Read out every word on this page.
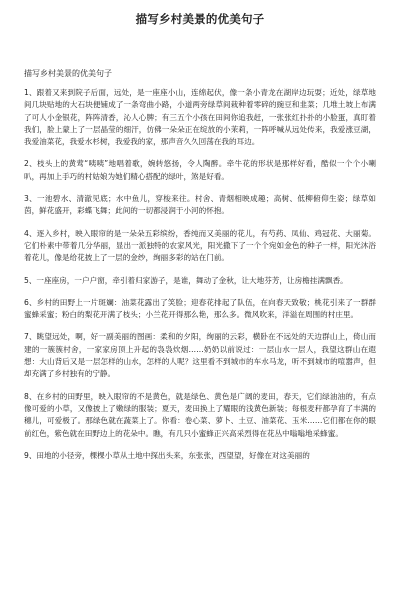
描写乡村美景的优美句子
描写乡村美景的优美句子

1、跟着又来到院子后面，远处，是一座座小山，连绵起伏，像一条小青龙在湖岸边玩耍；近处，绿草地间几块贴地的大石块便铺成了一条弯曲小路，小道两旁绿草间栽种着零碎的豌豆和韭菜；几堆土坡上布满了可人小金银花，阵阵清香，沁人心脾；有三五个小孩在田间你追我赶，一张张红扑扑的小脸蛋，真盯着我们，脸上蒙上了一层晶莹的细汗，仿佛一朵朵正在绽放的小茉莉，一阵呼喊从远处传来，我爱涨豆湖，我爱油菜花，我爱水杉树，我爱我的家，那声音久久回荡在我的耳边。

2、枝头上的黄莺“咦咦”地唱着歌，婉转悠扬，令人陶醉。牵牛花的形状是那样好看，酷似一个个小喇叭，再加上手巧的村姑娘为她们精心搭配的绿叶，煞是好看。

3、一池碧水、清澈见底；水中鱼儿，穿梭来往。村舍、青烟相映成趣；高树、低柳俯仰生姿；绿草如茵，鲜花盛开，彩蝶飞舞；此间的一切都浸润于小河的怀抱。

4、逐入乡村，映入眼帘的是一朵朵五彩缤纷，香纯而又美丽的花儿，有芍药、凤仙、鸡冠花、大丽菊。它们朴素中带着几分华丽，显出一派独特的农家风光，阳光撒下了一个个宛如金色的种子一样，阳光沐浴着花儿，像是给花披上了一层的金纱，绚丽多彩的站在门前。

5、一座座房，一户户窗，牵引着归家游子，是谁，舞动了金秋，让大地芬芳，让房檐挂满飘香。

6、乡村的田野上一片斑斓：油菜花露出了笑脸；迎春花排起了队伍，在向春天致敬；桃花引来了一群群蜜蜂采蜜；粉白的梨花开满了枝头；小兰花开得那么艳，那么多。微风吹来，洋溢在周围的村庄里。

7、眺望远处，啊，好一副美丽的图画：柔和的夕阳，绚丽的云彩，横卧在不远处的天边群山上，倚山而建的一簇簇村舍，一家家房顶上升起的袅袅炊烟……奶奶以前说过：一层山水一层人，我望这群山在遐想：大山背后又是一层怎样的山水，怎样的人呢？这里看不到城市的车水马龙，听不到城市的喧嚣声，但却充满了乡村独有的宁静。

8、在乡村的田野里，映入眼帘的不是黄色，就是绿色、黄色是广阔的麦田，春天，它们绿油油的，有点像可爱的小草，又像披上了嫩绿的服装；夏天，麦田换上了耀眼的浅黄色新装；每根麦秆都孕育了丰满的穗儿，可爱极了。那绿色就在蔬菜上了。你看：卷心菜、萝卜、土豆、油菜花、玉米……它们都在你的眼前红色，紫色就在田野边上的花朵中。瞧，有几只小蜜蜂正兴高采烈得在花丛中嗡嗡地采蜂蜜。

9、田地的小径旁，棵棵小草从土地中探出头来，东张张，西望望，好像在对这美丽的
